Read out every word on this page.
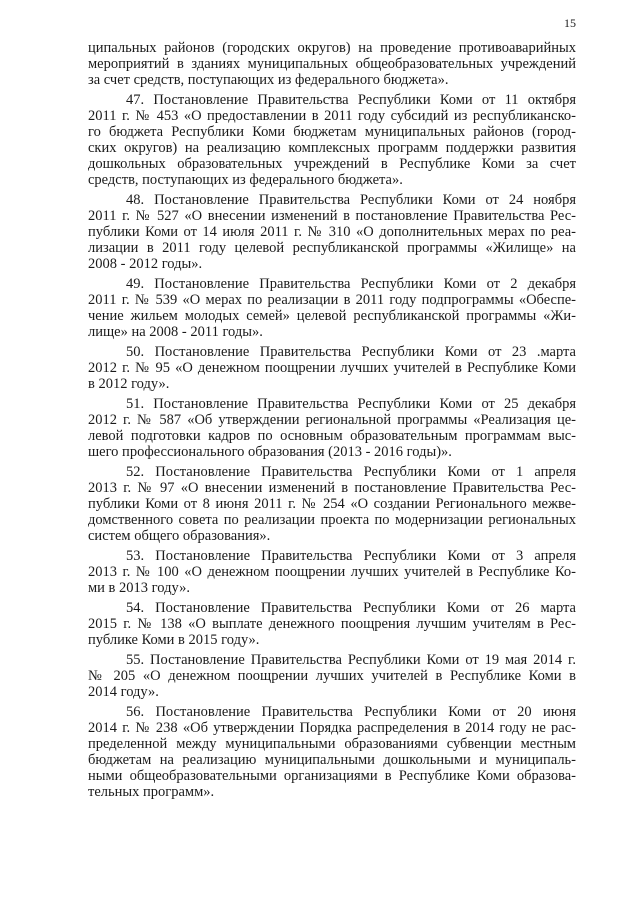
15

ципальных районов (городских округов) на проведение противоаварийных
мероприятий в зданиях муниципальных общеобразовательных учреждений
за счет средств, поступающих из федерального бюджета».

47. Постановление Правительства Республики Коми от 11 октября
2011 г. № 453 «О предоставлении в 2011 году субсидий из республиканско-
го бюджета Республики Коми бюджетам муниципальных районов (город-
ских округов) на реализацию комплексных программ поддержки развития
дошкольных образовательных учреждений в Республике Коми за счет
средств, поступающих из федерального бюджета».

48. Постановление Правительства Республики Коми от 24 ноября
2011 г. № 527 «О внесении изменений в постановление Правительства Рес-
публики Коми от 14 июля 2011 г. № 310 «О дополнительных мерах по реа-
лизации в 2011 году целевой республиканской программы «Жилище» на
2008 - 2012 годы».

49. Постановление Правительства Республики Коми от 2 декабря
2011 г. № 539 «О мерах по реализации в 2011 году подпрограммы «Обеспе-
чение жильем молодых семей» целевой республиканской программы «Жи-
лище» на 2008 - 2011 годы».

50. Постановление Правительства Республики Коми от 23 .марта
2012 г. № 95 «О денежном поощрении лучших учителей в Республике Коми
в 2012 году».

51. Постановление Правительства Республики Коми от 25 декабря
2012 г. № 587 «Об утверждении региональной программы «Реализация це-
левой подготовки кадров по основным образовательным программам выс-
шего профессионального образования (2013 - 2016 годы)».

52. Постановление Правительства Республики Коми от 1 апреля
2013 г. № 97 «О внесении изменений в постановление Правительства Рес-
публики Коми от 8 июня 2011 г. № 254 «О создании Регионального межве-
домственного совета по реализации проекта по модернизации региональных
систем общего образования».

53. Постановление Правительства Республики Коми от 3 апреля
2013 г. № 100 «О денежном поощрении лучших учителей в Республике Ко-
ми в 2013 году».

54. Постановление Правительства Республики Коми от 26 марта
2015 г. № 138 «О выплате денежного поощрения лучшим учителям в Рес-
публике Коми в 2015 году».

55. Постановление Правительства Республики Коми от 19 мая 2014 г.
№ 205 «О денежном поощрении лучших учителей в Республике Коми в
2014 году».

56. Постановление Правительства Республики Коми от 20 июня
2014 г. № 238 «Об утверждении Порядка распределения в 2014 году не рас-
пределенной между муниципальными образованиями субвенции местным
бюджетам на реализацию муниципальными дошкольными и муниципаль-
ными общеобразовательными организациями в Республике Коми образова-
тельных программ».
